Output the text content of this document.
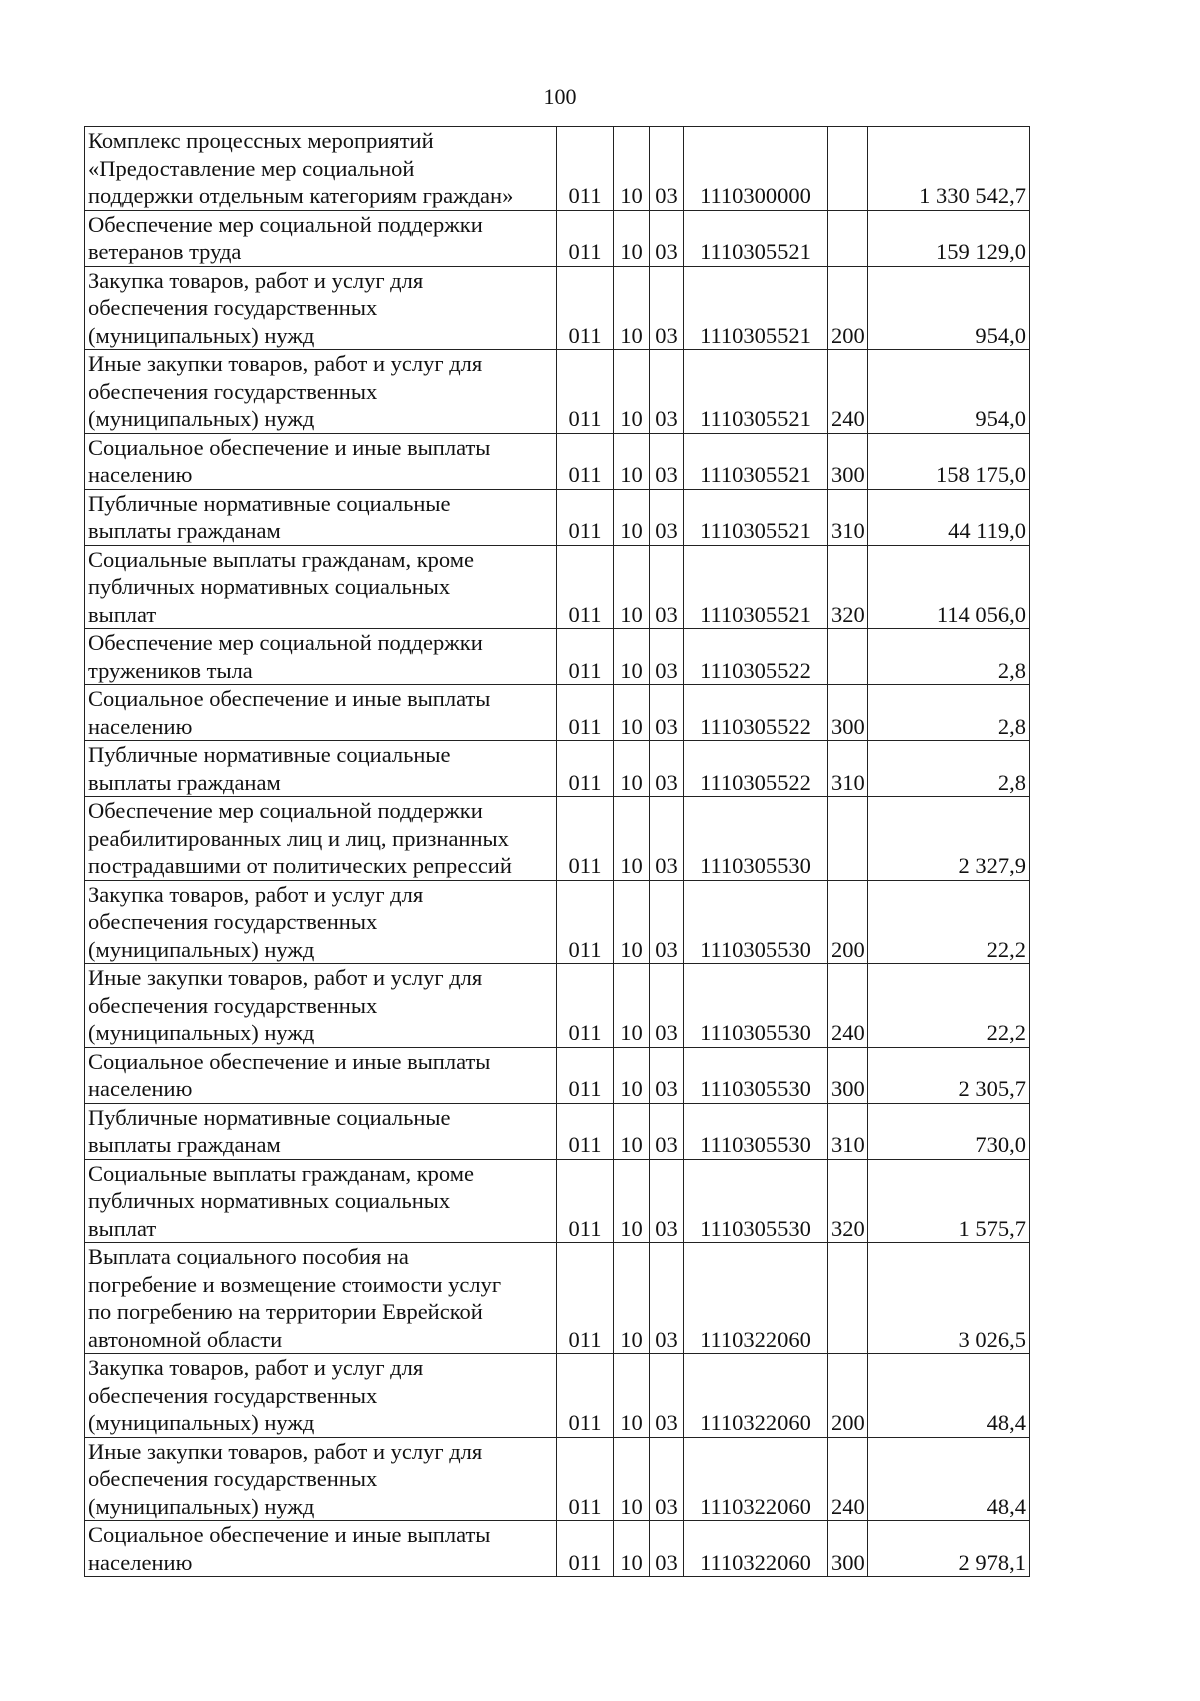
100
Комплекс процессных мероприятий
«Предоставление мер социальной
поддержки отдельным категориям граждан»	011	10	03	1110300000		1 330 542,7

Обеспечение мер социальной поддержки
ветеранов труда	011	10	03	1110305521		159 129,0

Закупка товаров, работ и услуг для
обеспечения государственных
(муниципальных) нужд	011	10	03	1110305521	200	954,0

Иные закупки товаров, работ и услуг для
обеспечения государственных
(муниципальных) нужд	011	10	03	1110305521	240	954,0

Социальное обеспечение и иные выплаты
населению	011	10	03	1110305521	300	158 175,0

Публичные нормативные социальные
выплаты гражданам	011	10	03	1110305521	310	44 119,0

Социальные выплаты гражданам, кроме
публичных нормативных социальных
выплат	011	10	03	1110305521	320	114 056,0

Обеспечение мер социальной поддержки
тружеников тыла	011	10	03	1110305522		2,8

Социальное обеспечение и иные выплаты
населению	011	10	03	1110305522	300	2,8

Публичные нормативные социальные
выплаты гражданам	011	10	03	1110305522	310	2,8

Обеспечение мер социальной поддержки
реабилитированных лиц и лиц, признанных
пострадавшими от политических репрессий	011	10	03	1110305530		2 327,9

Закупка товаров, работ и услуг для
обеспечения государственных
(муниципальных) нужд	011	10	03	1110305530	200	22,2

Иные закупки товаров, работ и услуг для
обеспечения государственных
(муниципальных) нужд	011	10	03	1110305530	240	22,2

Социальное обеспечение и иные выплаты
населению	011	10	03	1110305530	300	2 305,7

Публичные нормативные социальные
выплаты гражданам	011	10	03	1110305530	310	730,0

Социальные выплаты гражданам, кроме
публичных нормативных социальных
выплат	011	10	03	1110305530	320	1 575,7

Выплата социального пособия на
погребение и возмещение стоимости услуг
по погребению на территории Еврейской
автономной области	011	10	03	1110322060		3 026,5

Закупка товаров, работ и услуг для
обеспечения государственных
(муниципальных) нужд	011	10	03	1110322060	200	48,4

Иные закупки товаров, работ и услуг для
обеспечения государственных
(муниципальных) нужд	011	10	03	1110322060	240	48,4

Социальное обеспечение и иные выплаты
населению	011	10	03	1110322060	300	2 978,1
